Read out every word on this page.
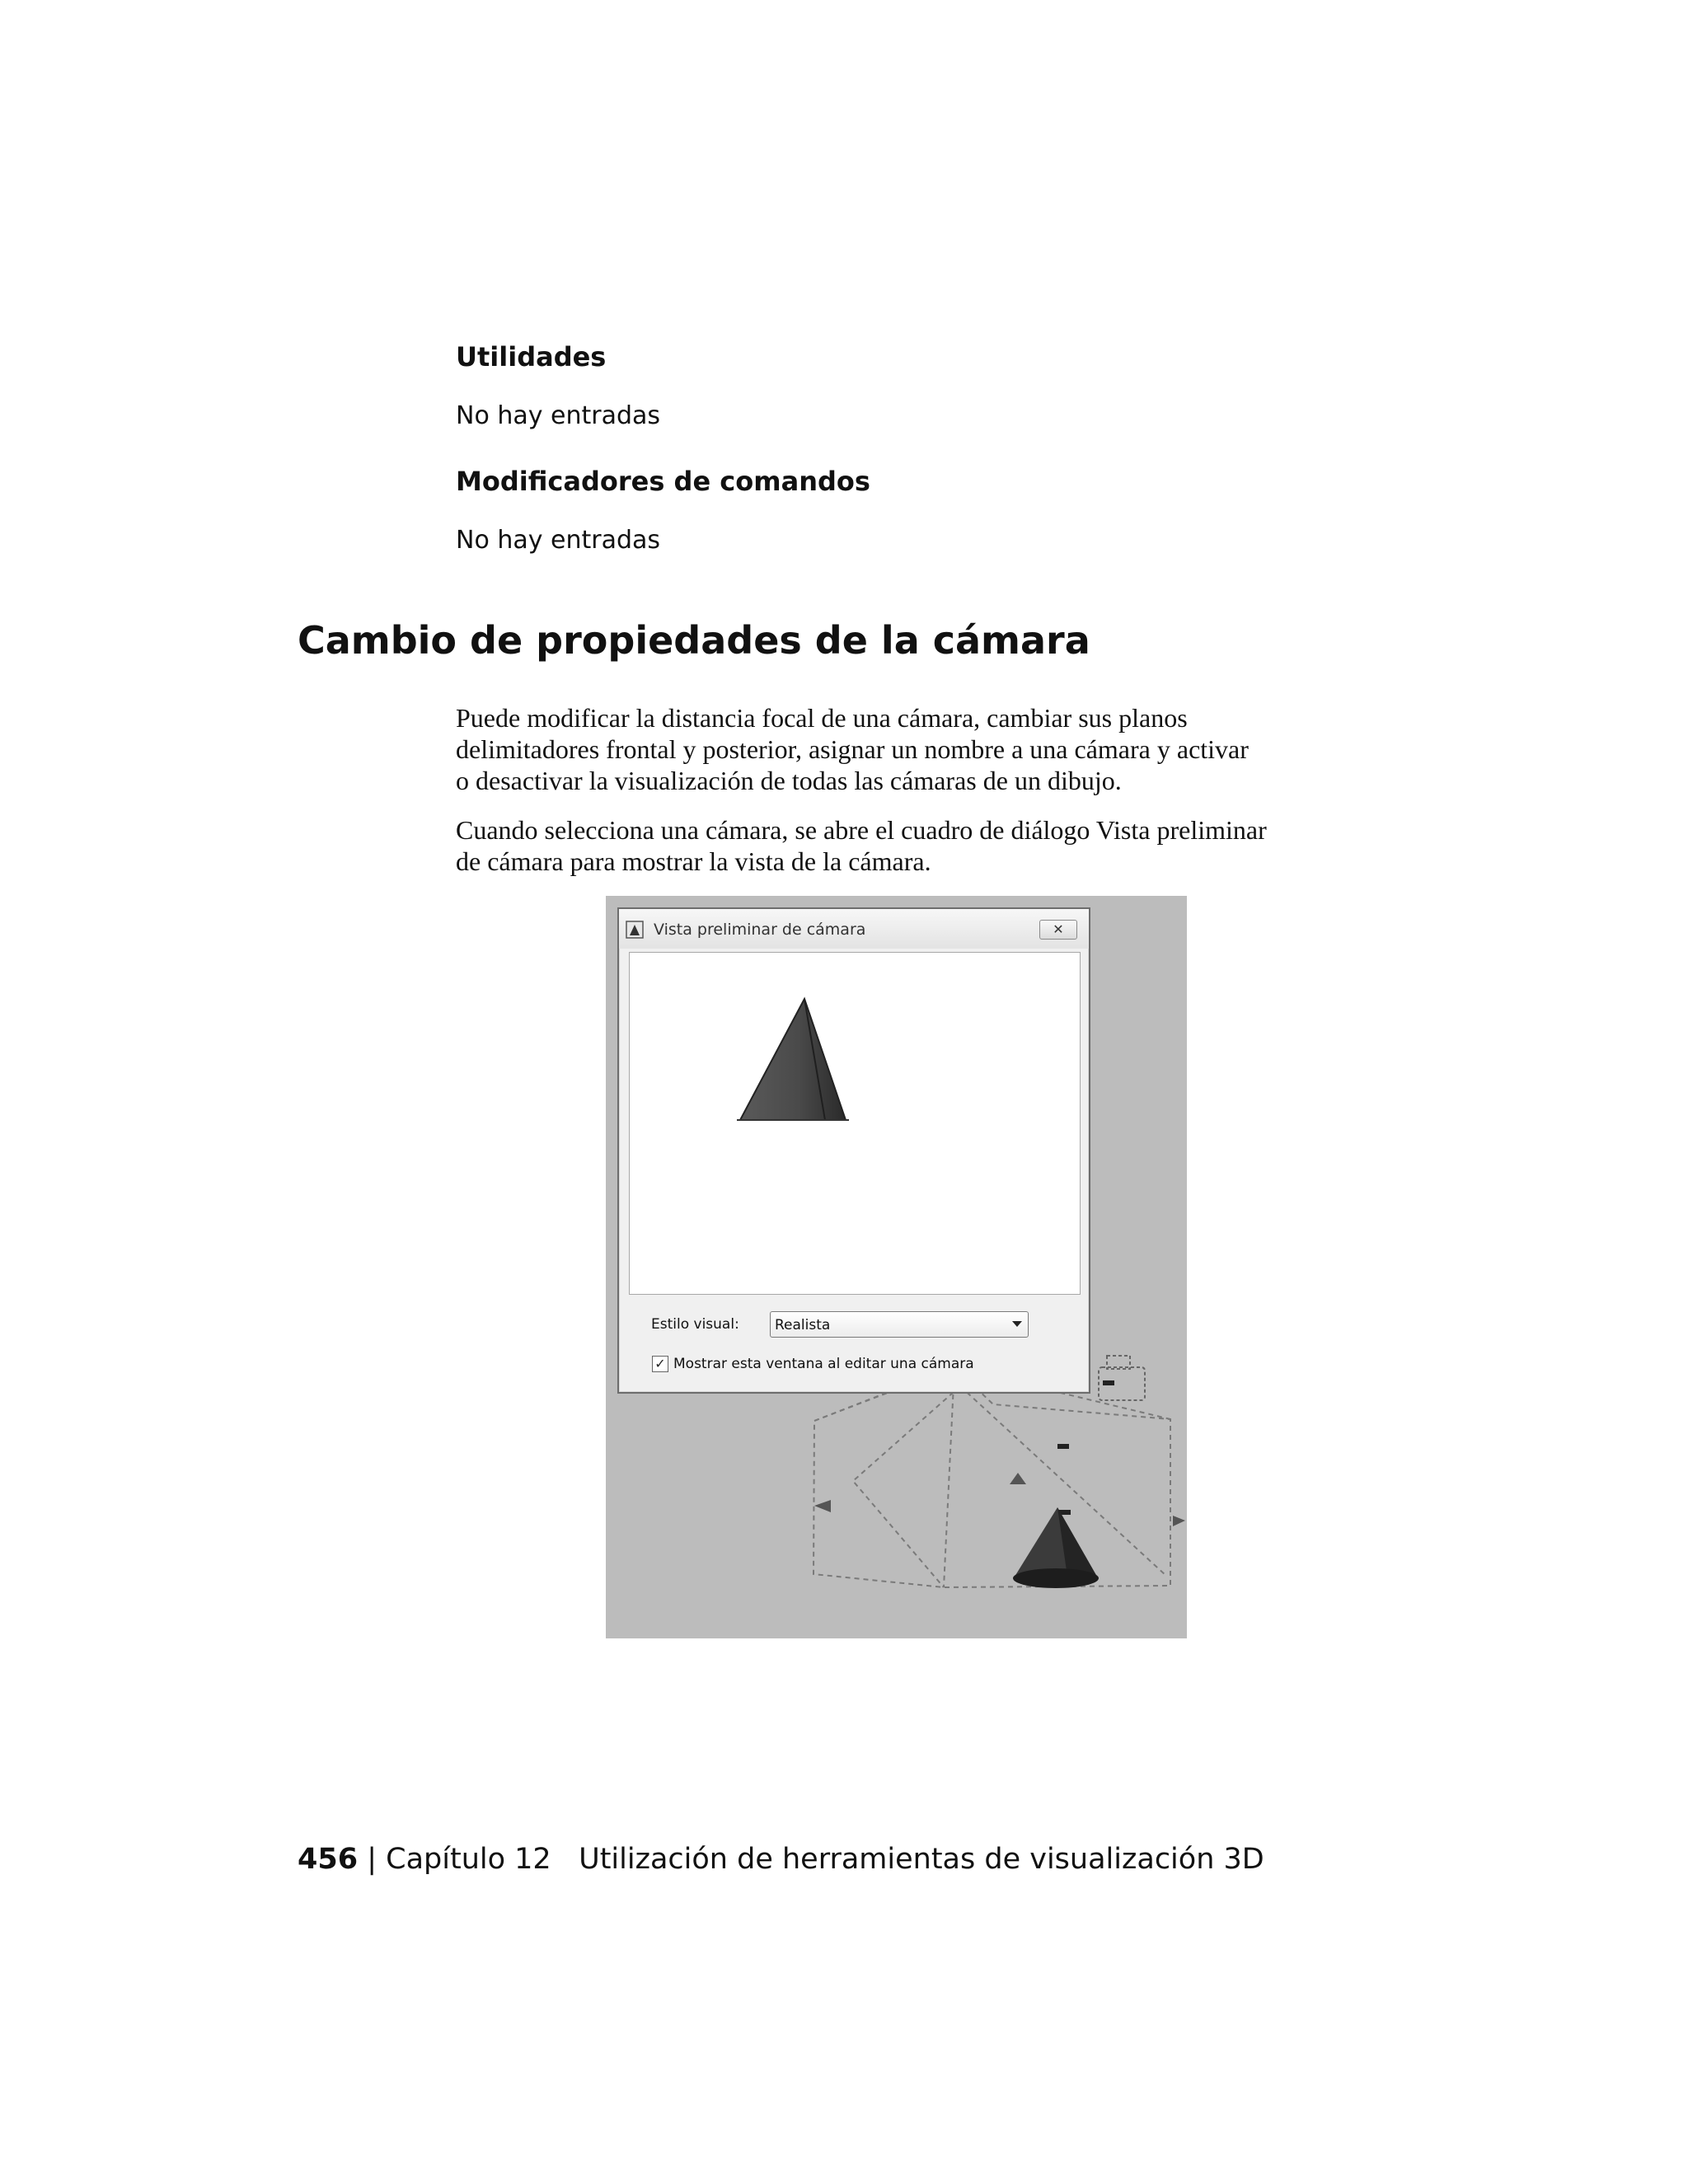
Utilidades
No hay entradas
Modificadores de comandos
No hay entradas
Cambio de propiedades de la cámara
Puede modificar la distancia focal de una cámara, cambiar sus planos
delimitadores frontal y posterior, asignar un nombre a una cámara y activar
o desactivar la visualización de todas las cámaras de un dibujo.
Cuando selecciona una cámara, se abre el cuadro de diálogo Vista preliminar
de cámara para mostrar la vista de la cámara.
Vista preliminar de cámara	✕
Estilo visual:	Realista
✓ Mostrar esta ventana al editar una cámara
456 | Capítulo 12 Utilización de herramientas de visualización 3D
